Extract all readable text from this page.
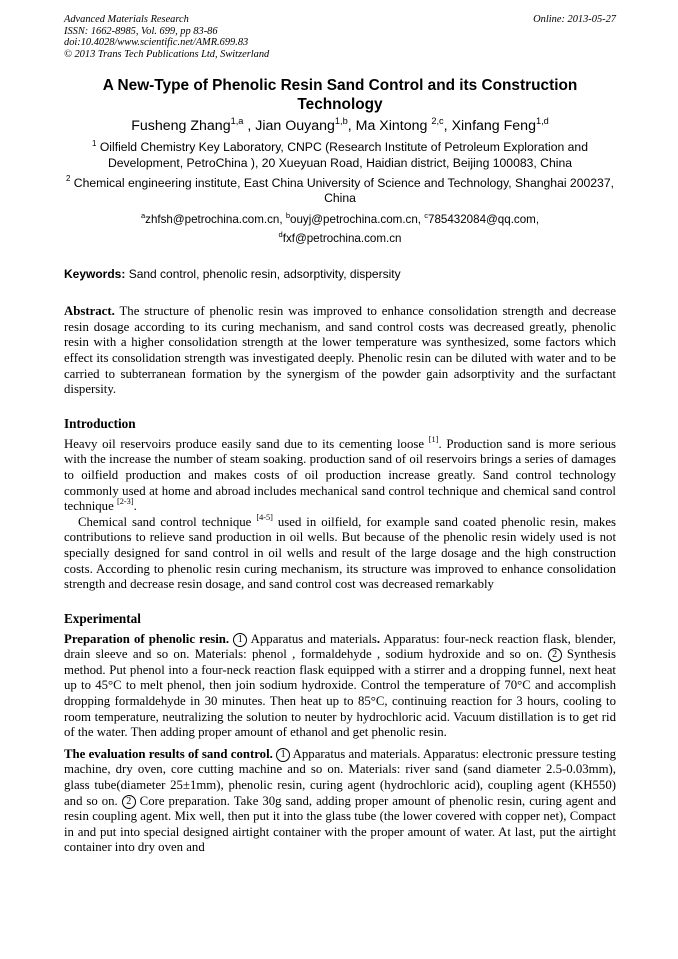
Advanced Materials Research
ISSN: 1662-8985, Vol. 699, pp 83-86
doi:10.4028/www.scientific.net/AMR.699.83
© 2013 Trans Tech Publications Ltd, Switzerland
Online: 2013-05-27
A New-Type of Phenolic Resin Sand Control and its Construction Technology
Fusheng Zhang$^{1,a}$ , Jian Ouyang$^{1,b}$, Ma Xintong $^{2,c}$, Xinfang Feng$^{1,d}$
$^1$ Oilfield Chemistry Key Laboratory, CNPC (Research Institute of Petroleum Exploration and Development, PetroChina ), 20 Xueyuan Road, Haidian district, Beijing 100083, China
$^2$ Chemical engineering institute, East China University of Science and Technology, Shanghai 200237, China
$^a$zhfsh@petrochina.com.cn, $^b$ouyj@petrochina.com.cn, $^c$785432084@qq.com,
$^d$fxf@petrochina.com.cn
Keywords: Sand control, phenolic resin, adsorptivity, dispersity
Abstract. The structure of phenolic resin was improved to enhance consolidation strength and decrease resin dosage according to its curing mechanism, and sand control costs was decreased greatly, phenolic resin with a higher consolidation strength at the lower temperature was synthesized, some factors which effect its consolidation strength was investigated deeply. Phenolic resin can be diluted with water and to be carried to subterranean formation by the synergism of the powder gain adsorptivity and the surfactant dispersity.
Introduction
Heavy oil reservoirs produce easily sand due to its cementing loose [1]. Production sand is more serious with the increase the number of steam soaking. production sand of oil reservoirs brings a series of damages to oilfield production and makes costs of oil production increase greatly. Sand control technology commonly used at home and abroad includes mechanical sand control technique and chemical sand control technique [2-3].
Chemical sand control technique [4-5] used in oilfield, for example sand coated phenolic resin, makes contributions to relieve sand production in oil wells. But because of the phenolic resin widely used is not specially designed for sand control in oil wells and result of the large dosage and the high construction costs. According to phenolic resin curing mechanism, its structure was improved to enhance consolidation strength and decrease resin dosage, and sand control cost was decreased remarkably
Experimental
Preparation of phenolic resin. 1 Apparatus and materials. Apparatus: four-neck reaction flask, blender, drain sleeve and so on. Materials: phenol , formaldehyde , sodium hydroxide and so on. 2 Synthesis method. Put phenol into a four-neck reaction flask equipped with a stirrer and a dropping funnel, next heat up to 45°C to melt phenol, then join sodium hydroxide. Control the temperature of 70°C and accomplish dropping formaldehyde in 30 minutes. Then heat up to 85°C, continuing reaction for 3 hours, cooling to room temperature, neutralizing the solution to neuter by hydrochloric acid. Vacuum distillation is to get rid of the water. Then adding proper amount of ethanol and get phenolic resin.
The evaluation results of sand control. 1 Apparatus and materials. Apparatus: electronic pressure testing machine, dry oven, core cutting machine and so on. Materials: river sand (sand diameter 2.5-0.03mm), glass tube(diameter 25±1mm), phenolic resin, curing agent (hydrochloric acid), coupling agent (KH550) and so on. 2 Core preparation. Take 30g sand, adding proper amount of phenolic resin, curing agent and resin coupling agent. Mix well, then put it into the glass tube (the lower covered with copper net), Compact in and put into special designed airtight container with the proper amount of water. At last, put the airtight container into dry oven and
